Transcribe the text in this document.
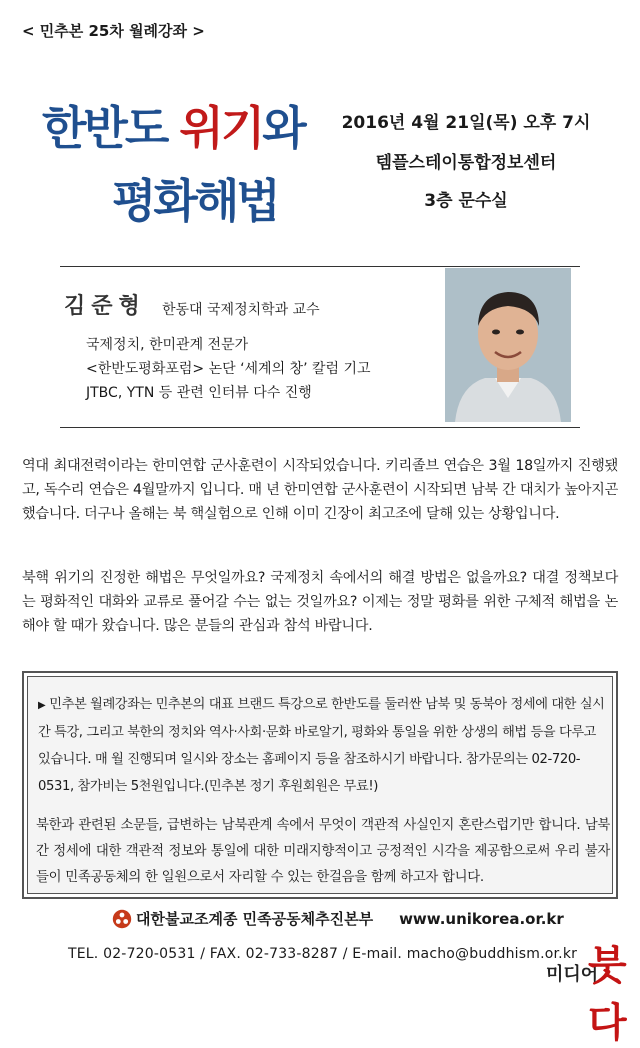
< 민추본 25차 월례강좌 >
한반도 위기와
평화해법
2016년 4월 21일(목) 오후 7시
템플스테이통합정보센터
3층 문수실
김준형 한동대 국제정치학과 교수
국제정치, 한미관계 전문가
<한반도평화포럼> 논단 ‘세계의 창’ 칼럼 기고
JTBC, YTN 등 관련 인터뷰 다수 진행
역대 최대전력이라는 한미연합 군사훈련이 시작되었습니다. 키리졸브 연습은 3월 18일까지 진행됐고, 독수리 연습은 4월말까지 입니다. 매 년 한미연합 군사훈련이 시작되면 남북 간 대치가 높아지곤 했습니다. 더구나 올해는 북 핵실험으로 인해 이미 긴장이 최고조에 달해 있는 상황입니다.
북핵 위기의 진정한 해법은 무엇일까요? 국제정치 속에서의 해결 방법은 없을까요? 대결 정책보다는 평화적인 대화와 교류로 풀어갈 수는 없는 것일까요? 이제는 정말 평화를 위한 구체적 해법을 논해야 할 때가 왔습니다. 많은 분들의 관심과 참석 바랍니다.
▶ 민추본 월례강좌는 민추본의 대표 브랜드 특강으로 한반도를 둘러싼 남북 및 동북아 정세에 대한 실시간 특강, 그리고 북한의 정치와 역사·사회·문화 바로알기, 평화와 통일을 위한 상생의 해법 등을 다루고 있습니다. 매 월 진행되며 일시와 장소는 홈페이지 등을 참조하시기 바랍니다. 참가문의는 02-720-0531, 참가비는 5천원입니다.(민추본 정기 후원회원은 무료!)
북한과 관련된 소문들, 급변하는 남북관계 속에서 무엇이 객관적 사실인지 혼란스럽기만 합니다. 남북 간 정세에 대한 객관적 정보와 통일에 대한 미래지향적이고 긍정적인 시각을 제공함으로써 우리 불자들이 민족공동체의 한 일원으로서 자리할 수 있는 한걸음을 함께 하고자 합니다.
대한불교조계종 민족공동체추진본부 www.unikorea.or.kr
TEL. 02-720-0531 / FAX. 02-733-8287 / E-mail. macho@buddhism.or.kr
미디어
붓다
